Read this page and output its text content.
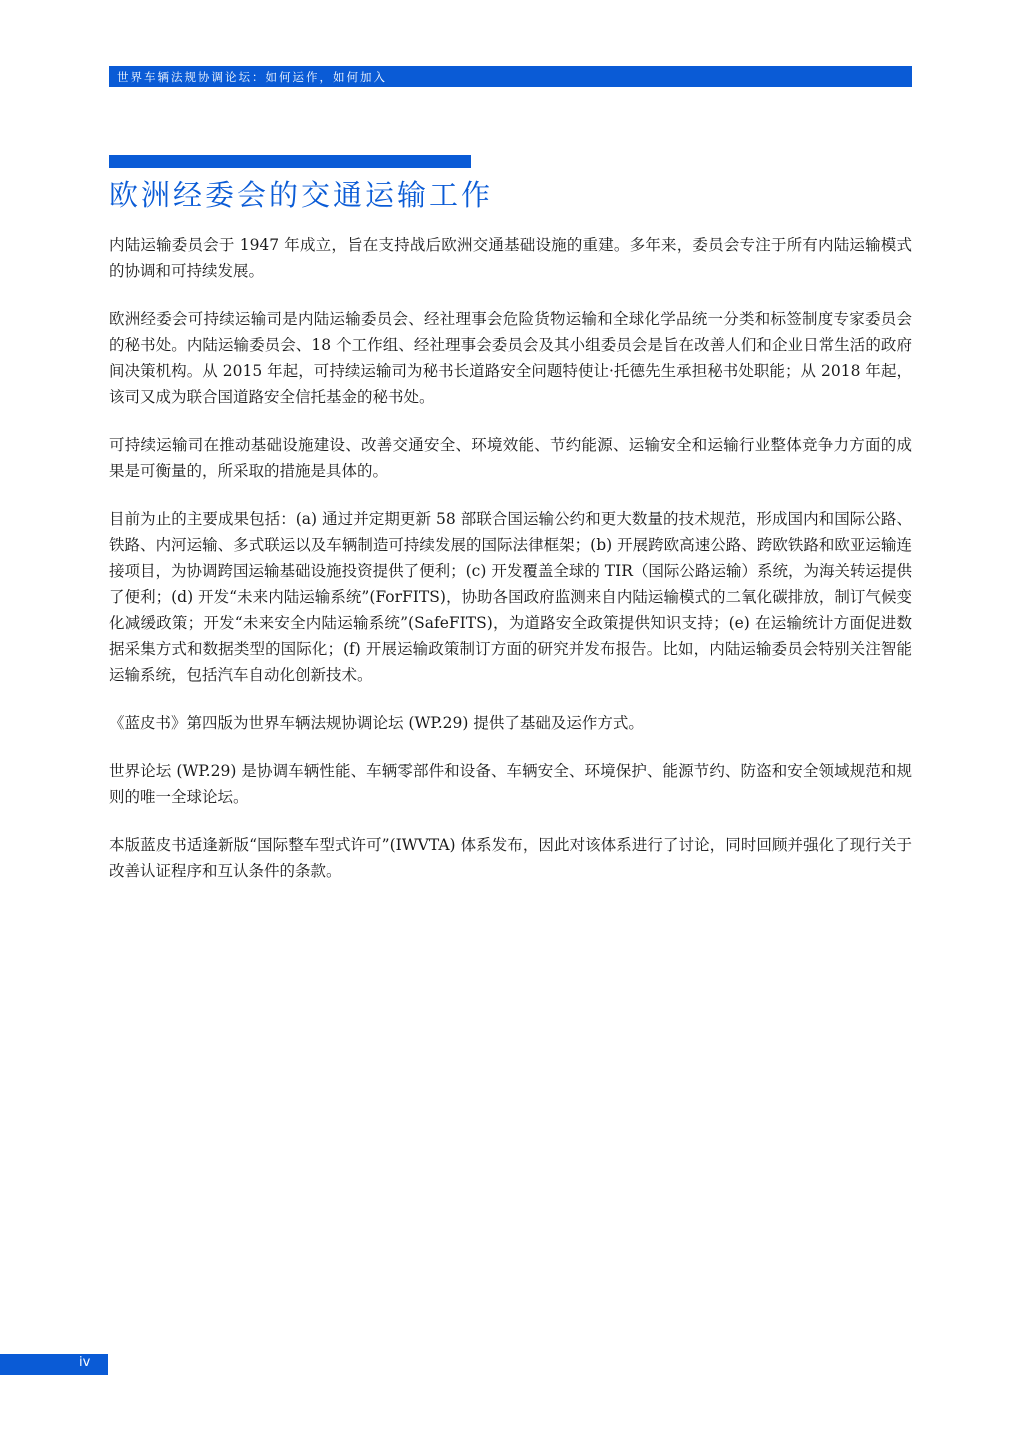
世界车辆法规协调论坛：如何运作，如何加入
欧洲经委会的交通运输工作

内陆运输委员会于 1947 年成立，旨在支持战后欧洲交通基础设施的重建。多年来，委员会专注于所有内陆运输模式的协调和可持续发展。

欧洲经委会可持续运输司是内陆运输委员会、经社理事会危险货物运输和全球化学品统一分类和标签制度专家委员会的秘书处。内陆运输委员会、18 个工作组、经社理事会委员会及其小组委员会是旨在改善人们和企业日常生活的政府间决策机构。从 2015 年起，可持续运输司为秘书长道路安全问题特使让·托德先生承担秘书处职能；从 2018 年起，该司又成为联合国道路安全信托基金的秘书处。

可持续运输司在推动基础设施建设、改善交通安全、环境效能、节约能源、运输安全和运输行业整体竞争力方面的成果是可衡量的，所采取的措施是具体的。

目前为止的主要成果包括：(a) 通过并定期更新 58 部联合国运输公约和更大数量的技术规范，形成国内和国际公路、铁路、内河运输、多式联运以及车辆制造可持续发展的国际法律框架；(b) 开展跨欧高速公路、跨欧铁路和欧亚运输连接项目，为协调跨国运输基础设施投资提供了便利；(c) 开发覆盖全球的 TIR（国际公路运输）系统，为海关转运提供了便利；(d) 开发“未来内陆运输系统”(ForFITS)，协助各国政府监测来自内陆运输模式的二氧化碳排放，制订气候变化减缓政策；开发“未来安全内陆运输系统”(SafeFITS)，为道路安全政策提供知识支持；(e) 在运输统计方面促进数据采集方式和数据类型的国际化；(f) 开展运输政策制订方面的研究并发布报告。比如，内陆运输委员会特别关注智能运输系统，包括汽车自动化创新技术。

《蓝皮书》第四版为世界车辆法规协调论坛 (WP.29) 提供了基础及运作方式。

世界论坛 (WP.29) 是协调车辆性能、车辆零部件和设备、车辆安全、环境保护、能源节约、防盗和安全领域规范和规则的唯一全球论坛。

本版蓝皮书适逢新版“国际整车型式许可”(IWVTA) 体系发布，因此对该体系进行了讨论，同时回顾并强化了现行关于改善认证程序和互认条件的条款。

iv
